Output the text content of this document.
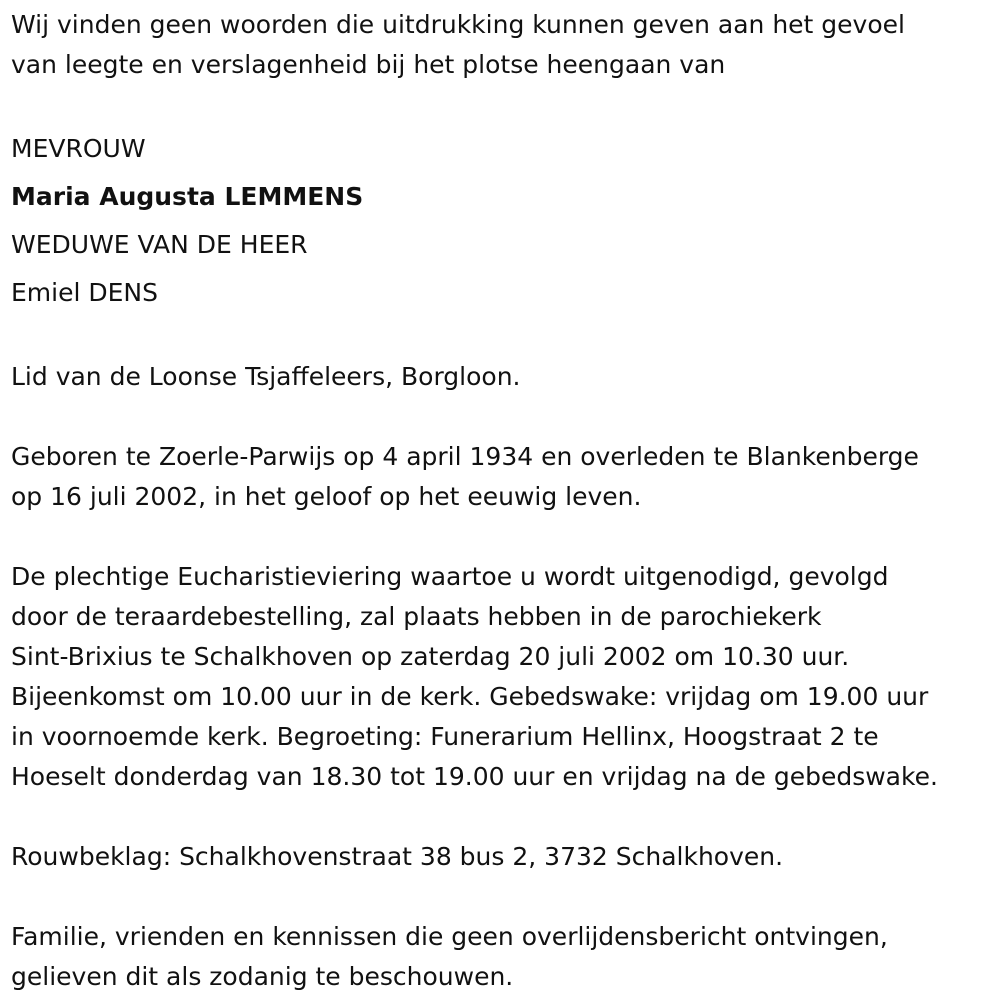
Wij vinden geen woorden die uitdrukking kunnen geven aan het gevoel
van leegte en verslagenheid bij het plotse heengaan van
MEVROUW
Maria Augusta LEMMENS
WEDUWE VAN DE HEER
Emiel DENS
Lid van de Loonse Tsjaffeleers, Borgloon.
Geboren te Zoerle-Parwijs op 4 april 1934 en overleden te Blankenberge
op 16 juli 2002, in het geloof op het eeuwig leven.
De plechtige Eucharistieviering waartoe u wordt uitgenodigd, gevolgd
door de teraardebestelling, zal plaats hebben in de parochiekerk
Sint-Brixius te Schalkhoven op zaterdag 20 juli 2002 om 10.30 uur.
Bijeenkomst om 10.00 uur in de kerk. Gebedswake: vrijdag om 19.00 uur
in voornoemde kerk. Begroeting: Funerarium Hellinx, Hoogstraat 2 te
Hoeselt donderdag van 18.30 tot 19.00 uur en vrijdag na de gebedswake.
Rouwbeklag: Schalkhovenstraat 38 bus 2, 3732 Schalkhoven.
Familie, vrienden en kennissen die geen overlijdensbericht ontvingen,
gelieven dit als zodanig te beschouwen.
